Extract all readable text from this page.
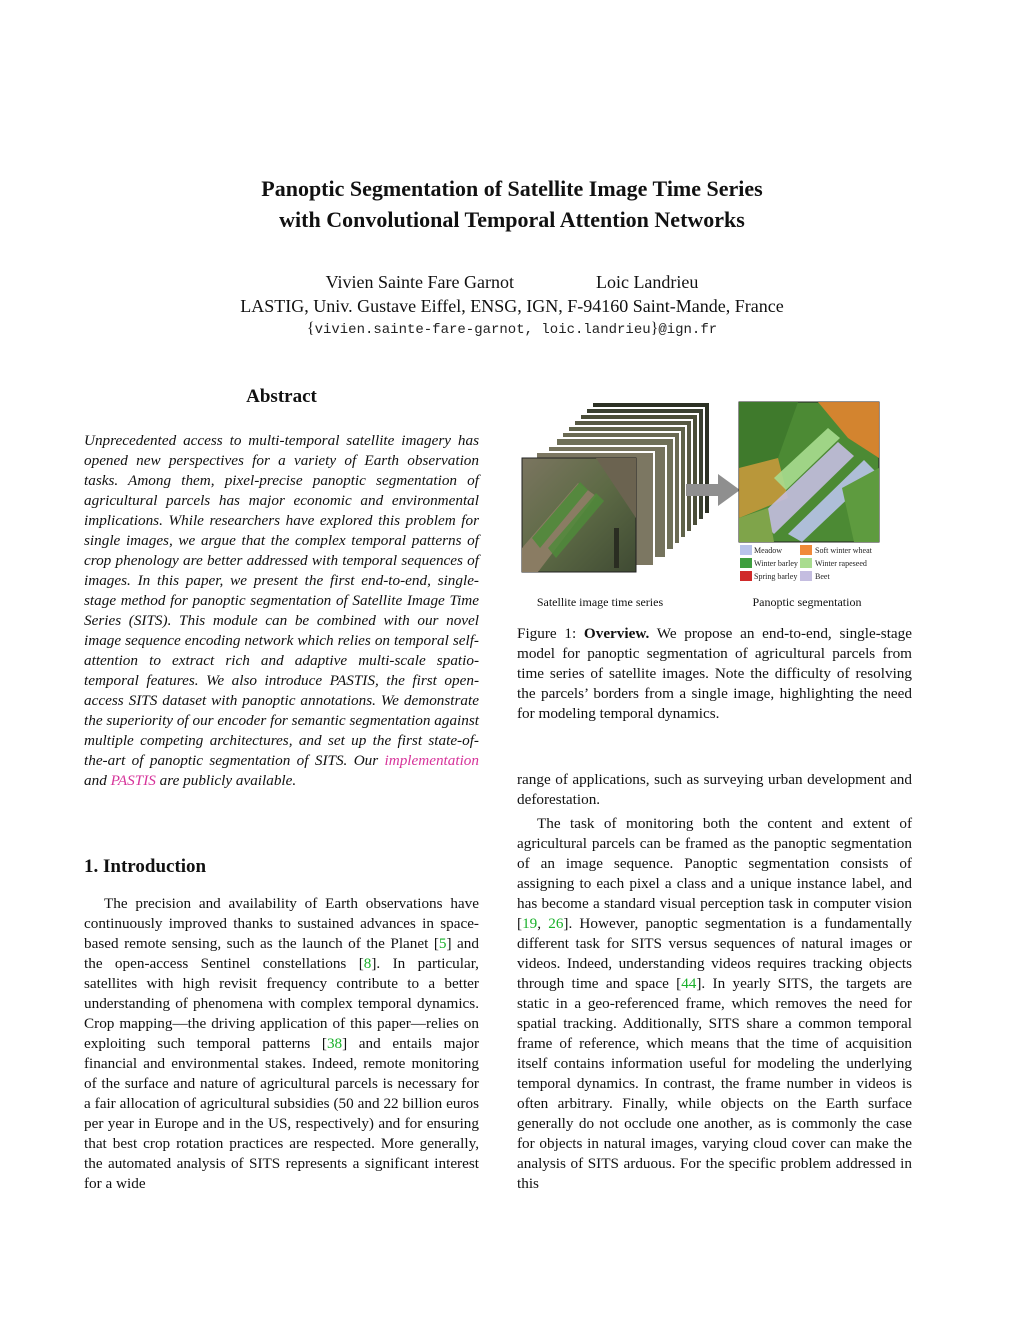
Panoptic Segmentation of Satellite Image Time Series
with Convolutional Temporal Attention Networks
Vivien Sainte Fare Garnot	Loic Landrieu
LASTIG, Univ. Gustave Eiffel, ENSG, IGN, F-94160 Saint-Mande, France
{vivien.sainte-fare-garnot, loic.landrieu}@ign.fr
Abstract
Unprecedented access to multi-temporal satellite imagery has opened new perspectives for a variety of Earth observation tasks. Among them, pixel-precise panoptic segmentation of agricultural parcels has major economic and environmental implications. While researchers have explored this problem for single images, we argue that the complex temporal patterns of crop phenology are better addressed with temporal sequences of images. In this paper, we present the first end-to-end, single-stage method for panoptic segmentation of Satellite Image Time Series (SITS). This module can be combined with our novel image sequence encoding network which relies on temporal self-attention to extract rich and adaptive multi-scale spatio-temporal features. We also introduce PASTIS, the first open-access SITS dataset with panoptic annotations. We demonstrate the superiority of our encoder for semantic segmentation against multiple competing architectures, and set up the first state-of-the-art of panoptic segmentation of SITS. Our implementation and PASTIS are publicly available.
Meadow	Soft winter wheat
Winter barley Winter rapeseed
Spring barley Beet
Satellite image time series	Panoptic segmentation
Figure 1: Overview. We propose an end-to-end, single-stage model for panoptic segmentation of agricultural parcels from time series of satellite images. Note the difficulty of resolving the parcels’ borders from a single image, highlighting the need for modeling temporal dynamics.
1. Introduction
The precision and availability of Earth observations have continuously improved thanks to sustained advances in space-based remote sensing, such as the launch of the Planet [5] and the open-access Sentinel constellations [8]. In particular, satellites with high revisit frequency contribute to a better understanding of phenomena with complex temporal dynamics. Crop mapping—the driving application of this paper—relies on exploiting such temporal patterns [38] and entails major financial and environmental stakes. Indeed, remote monitoring of the surface and nature of agricultural parcels is necessary for a fair allocation of agricultural subsidies (50 and 22 billion euros per year in Europe and in the US, respectively) and for ensuring that best crop rotation practices are respected. More generally, the automated analysis of SITS represents a significant interest for a wide
range of applications, such as surveying urban development and deforestation.
The task of monitoring both the content and extent of agricultural parcels can be framed as the panoptic segmentation of an image sequence. Panoptic segmentation consists of assigning to each pixel a class and a unique instance label, and has become a standard visual perception task in computer vision [19, 26]. However, panoptic segmentation is a fundamentally different task for SITS versus sequences of natural images or videos. Indeed, understanding videos requires tracking objects through time and space [44]. In yearly SITS, the targets are static in a geo-referenced frame, which removes the need for spatial tracking. Additionally, SITS share a common temporal frame of reference, which means that the time of acquisition itself contains information useful for modeling the underlying temporal dynamics. In contrast, the frame number in videos is often arbitrary. Finally, while objects on the Earth surface generally do not occlude one another, as is commonly the case for objects in natural images, varying cloud cover can make the analysis of SITS arduous. For the specific problem addressed in this
